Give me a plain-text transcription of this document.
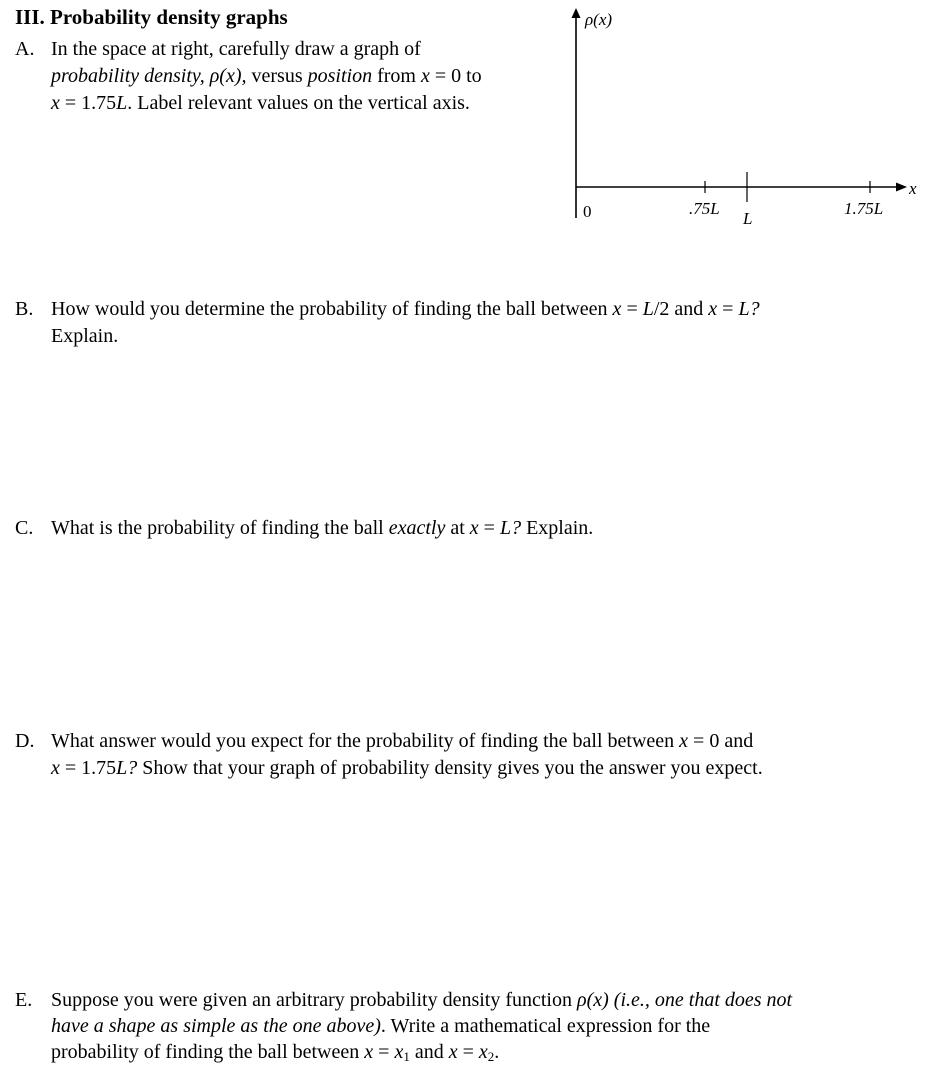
III. Probability density graphs
A. In the space at right, carefully draw a graph of
probability density, ρ(x), versus position from x = 0 to
x = 1.75L. Label relevant values on the vertical axis.
ρ(x)
x
0	.75L
L
1.75L
B. How would you determine the probability of finding the ball between x = L/2 and x = L?
Explain.
C. What is the probability of finding the ball exactly at x = L? Explain.
D. What answer would you expect for the probability of finding the ball between x = 0 and
x = 1.75L? Show that your graph of probability density gives you the answer you expect.
E. Suppose you were given an arbitrary probability density function ρ(x) (i.e., one that does not
have a shape as simple as the one above). Write a mathematical expression for the
probability of finding the ball between $x = x_1$ and $x = x_2$.
